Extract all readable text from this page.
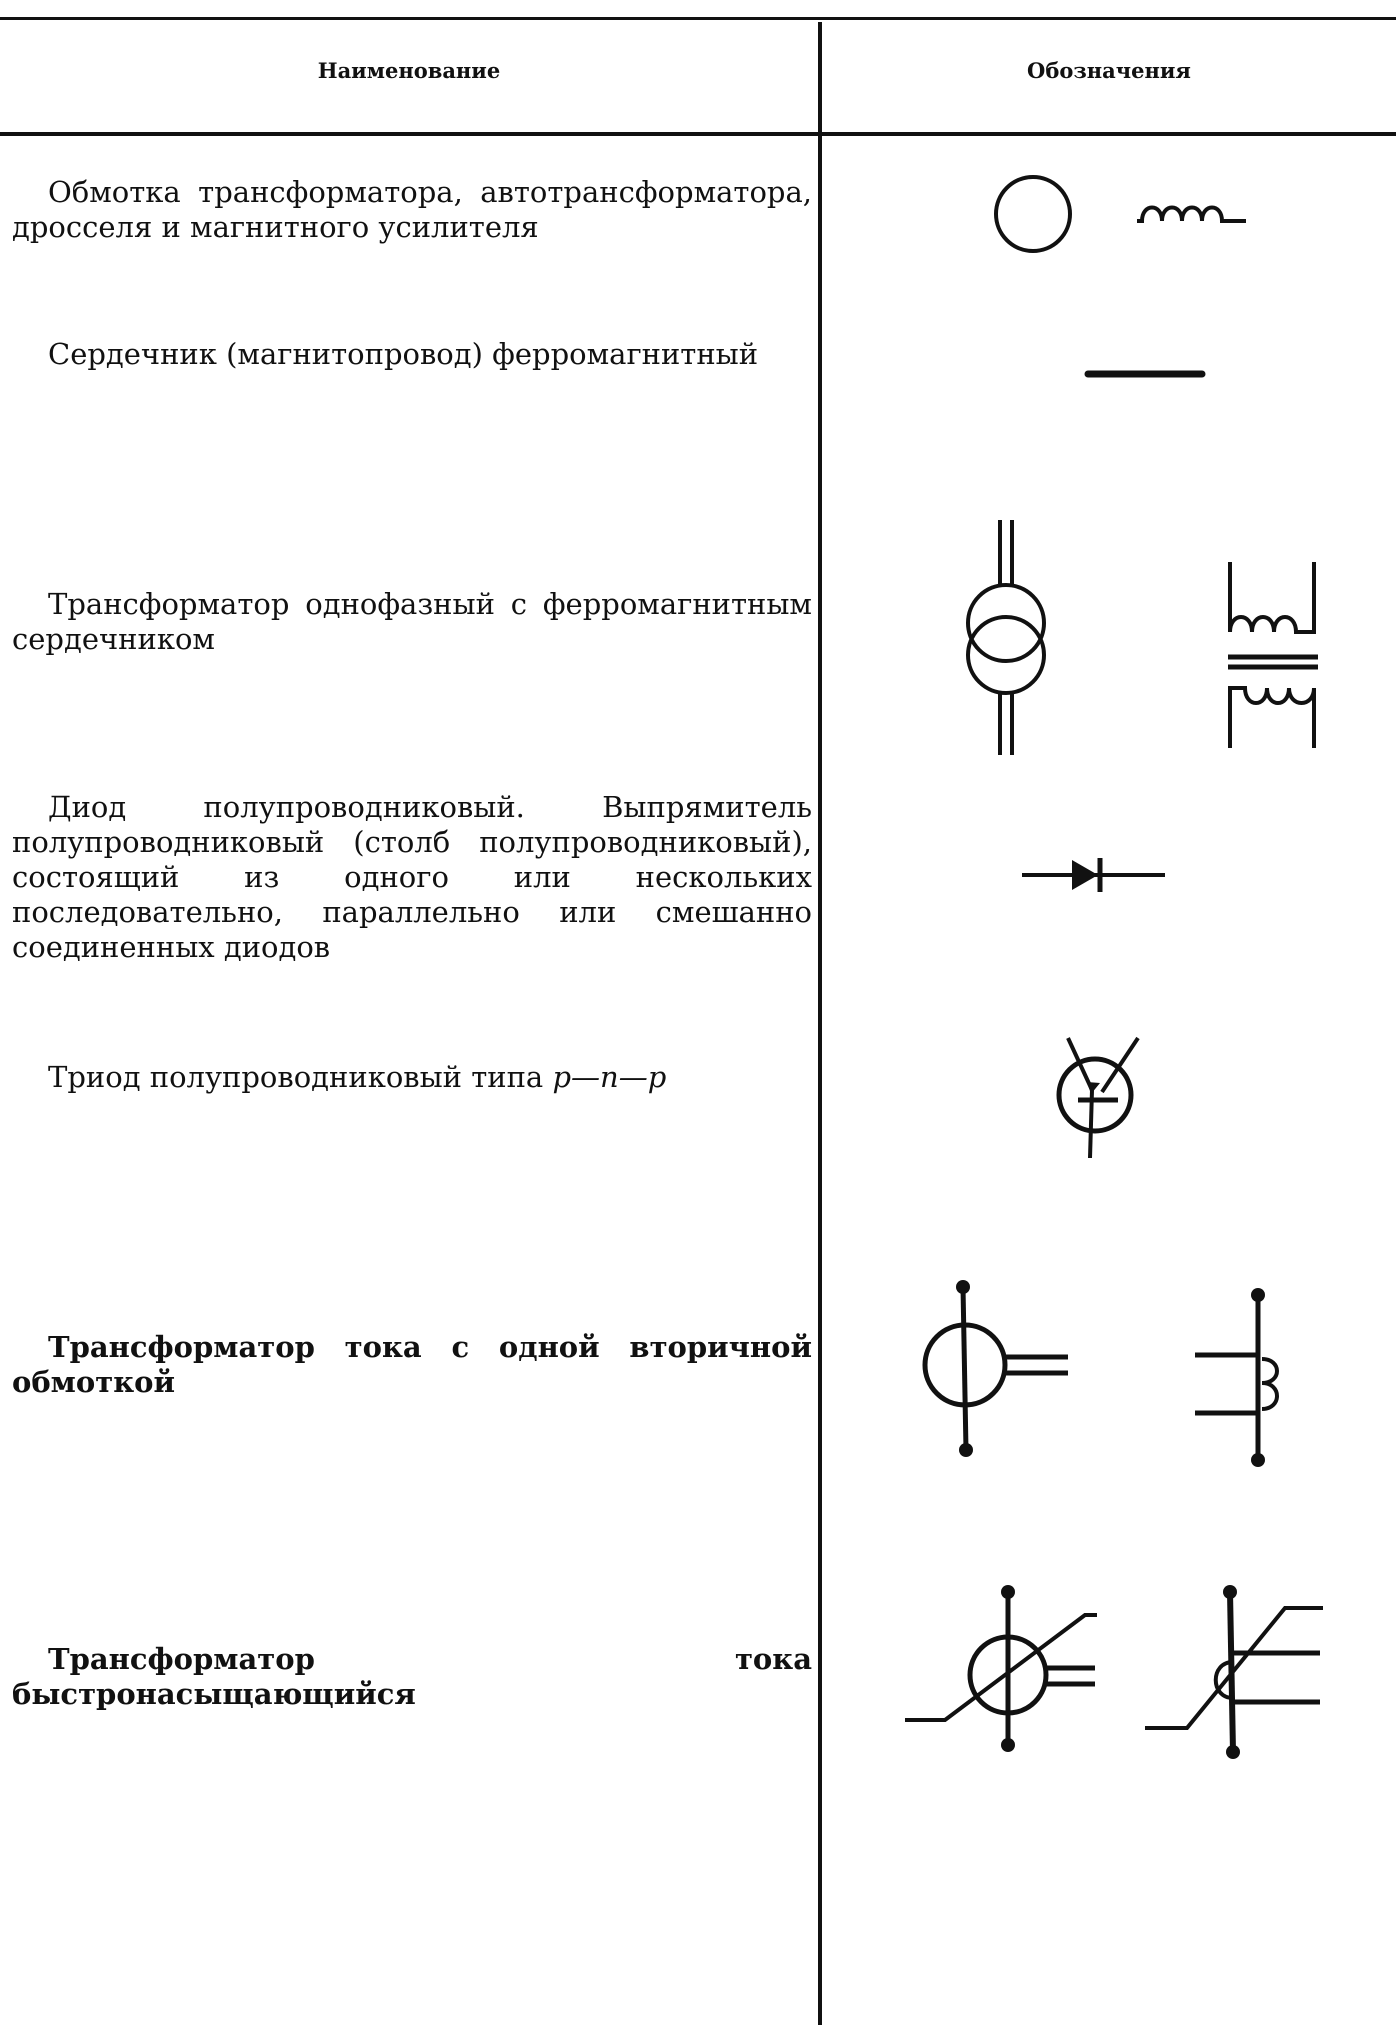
Наименование	Обозначения
Обмотка трансформатора, автотрансформатора, дросселя и магнитного усилителя
Сердечник (магнитопровод) ферромагнитный
Трансформатор однофазный с ферромагнитным сердечником
Диод полупроводниковый. Выпрямитель полупроводниковый (столб полупроводниковый), состоящий из одного или нескольких последовательно, параллельно или смешанно соединенных диодов
Триод полупроводниковый типа p—n—p
Трансформатор тока с одной вторичной обмоткой
Трансформатор тока быстронасыщающийся
